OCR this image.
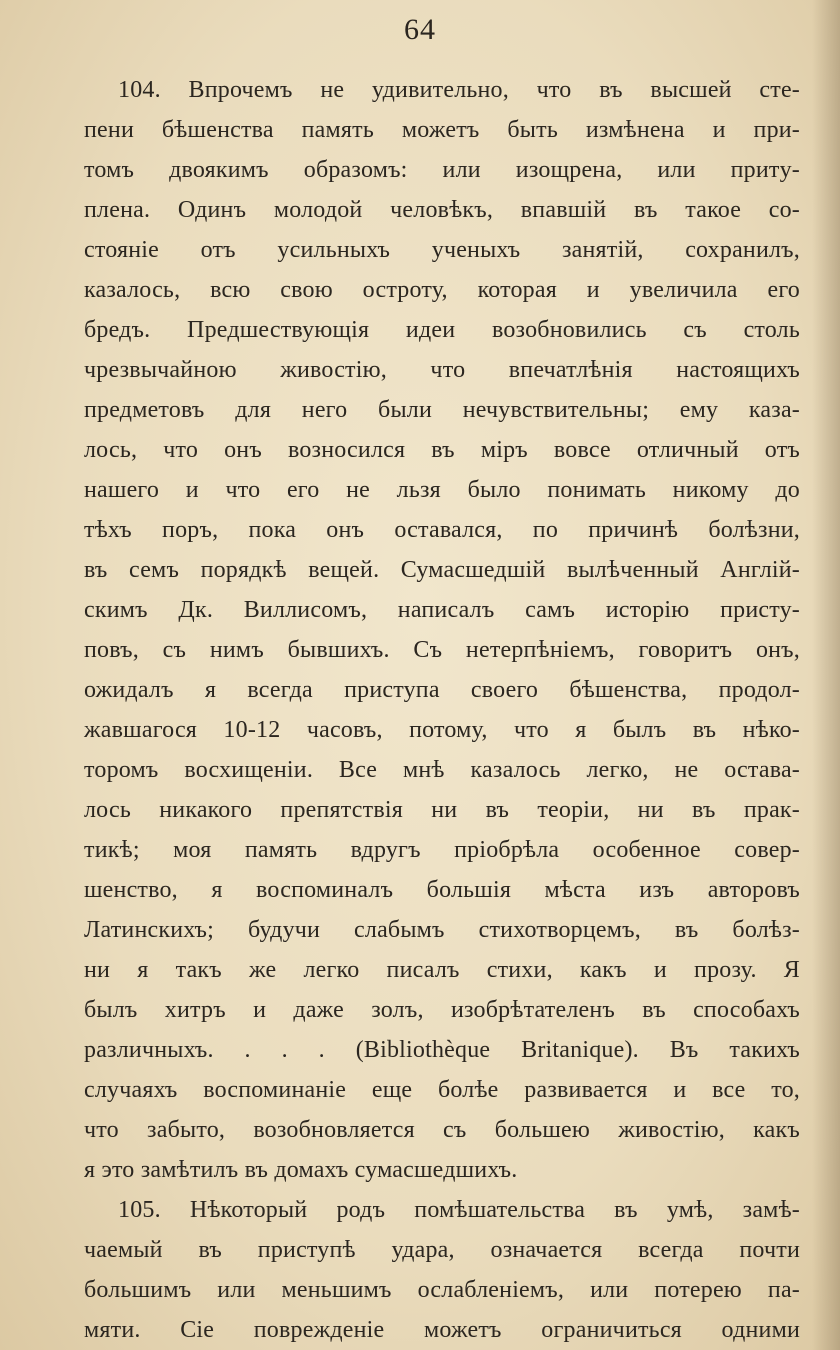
64
104. Впрочемъ не удивительно, что въ высшей сте-
пени бѣшенства память можетъ быть измѣнена и при-
томъ двоякимъ образомъ: или изощрена, или притy-
плена. Одинъ молодой человѣкъ, впавшій въ такое со-
стояніе отъ усильныхъ ученыхъ занятій, сохранилъ,
казалось, всю свою остроту, которая и увеличила его
бредъ. Предшествующія идеи возобновились съ столь
чрезвычайною живостію, что впечатлѣнія настоящихъ
предметовъ для него были нечувствительны; ему каза-
лось, что онъ возносился въ міръ вовсе отличный отъ
нашего и что его не льзя было понимать никому до
тѣхъ поръ, пока онъ оставался, по причинѣ болѣзни,
въ семъ порядкѣ вещей. Сумасшедшій вылѣченный Англій-
скимъ Дк. Виллисомъ, написалъ самъ исторію присту-
повъ, съ нимъ бывшихъ. Съ нетерпѣніемъ, говоритъ онъ,
ожидалъ я всегда приступа своего бѣшенства, продол-
жавшагося 10-12 часовъ, потому, что я былъ въ нѣко-
торомъ восхищеніи. Все мнѣ казалось легко, не остава-
лось никакого препятствія ни въ теоріи, ни въ прак-
тикѣ; моя память вдругъ пріобрѣла особенное совер-
шенство, я воспоминалъ большія мѣста изъ авторовъ
Латинскихъ; будучи слабымъ стихотворцемъ, въ болѣз-
ни я такъ же легко писалъ стихи, какъ и прозу. Я
былъ хитръ и даже золъ, изобрѣтателенъ въ способахъ
различныхъ. . . . (Bibliothèque Britanique). Въ такихъ
случаяхъ воспоминаніе еще болѣе развивается и все то,
что забыто, возобновляется съ большею живостію, какъ
я это замѣтилъ въ домахъ сумасшедшихъ.
105. Нѣкоторый родъ помѣшательства въ умѣ, замѣ-
чаемый въ приступѣ удара, означается всегда почти
большимъ или меньшимъ ослабленіемъ, или потерею па-
мяти. Сіе поврежденіе можетъ ограничиться одними
